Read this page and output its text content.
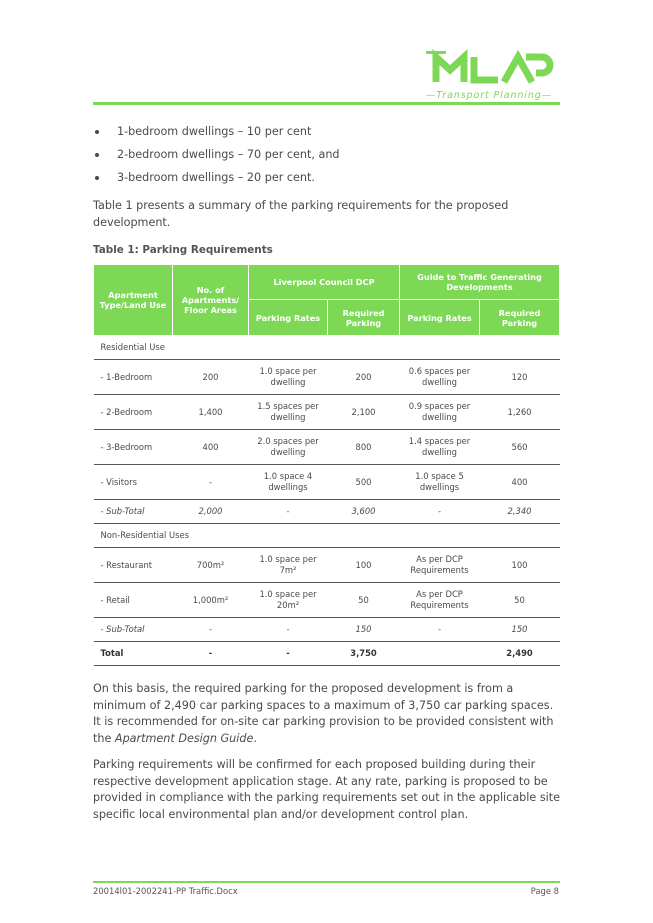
—Transport Planning—
1-bedroom dwellings – 10 per cent
2-bedroom dwellings – 70 per cent, and
3-bedroom dwellings – 20 per cent.

Table 1 presents a summary of the parking requirements for the proposed development.

Table 1: Parking Requirements

Apartment Type/Land Use	No. of Apartments/ Floor Areas	Liverpool Council DCP		Guide to Traffic Generating Developments	
		Parking Rates	Required Parking	Parking Rates	Required Parking
Residential Use					
- 1-Bedroom	200	1.0 space per dwelling	200	0.6 spaces per dwelling	120
- 2-Bedroom	1,400	1.5 spaces per dwelling	2,100	0.9 spaces per dwelling	1,260
- 3-Bedroom	400	2.0 spaces per dwelling	800	1.4 spaces per dwelling	560
- Visitors	-	1.0 space 4 dwellings	500	1.0 space 5 dwellings	400
- Sub-Total	2,000	-	3,600	-	2,340
Non-Residential Uses					
- Restaurant	700m²	1.0 space per 7m²	100	As per DCP Requirements	100
- Retail	1,000m²	1.0 space per 20m²	50	As per DCP Requirements	50
- Sub-Total	-	-	150	-	150
Total	-	-	3,750		2,490

On this basis, the required parking for the proposed development is from a minimum of 2,490 car parking spaces to a maximum of 3,750 car parking spaces. It is recommended for on-site car parking provision to be provided consistent with the Apartment Design Guide.

Parking requirements will be confirmed for each proposed building during their respective development application stage. At any rate, parking is proposed to be provided in compliance with the parking requirements set out in the applicable site specific local environmental plan and/or development control plan.

20014l01-2002241-PP Traffic.Docx	Page 8
